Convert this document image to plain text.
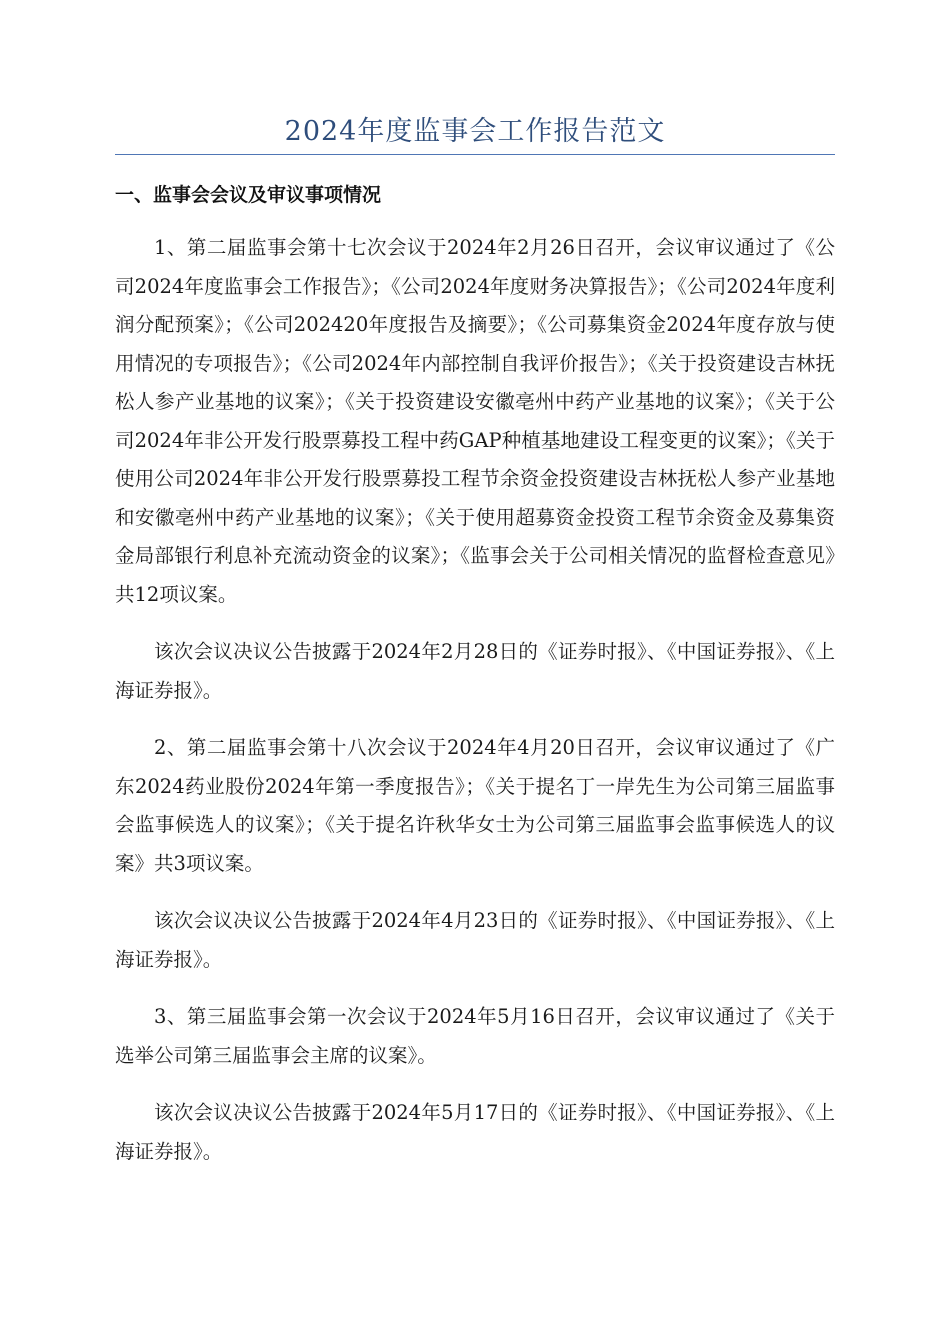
2024年度监事会工作报告范文
一、监事会会议及审议事项情况

1、第二届监事会第十七次会议于2024年2月26日召开，会议审议通过了《公司2024年度监事会工作报告》；《公司2024年度财务决算报告》；《公司2024年度利润分配预案》；《公司202420年度报告及摘要》；《公司募集资金2024年度存放与使用情况的专项报告》；《公司2024年内部控制自我评价报告》；《关于投资建设吉林抚松人参产业基地的议案》；《关于投资建设安徽亳州中药产业基地的议案》；《关于公司2024年非公开发行股票募投工程中药GAP种植基地建设工程变更的议案》；《关于使用公司2024年非公开发行股票募投工程节余资金投资建设吉林抚松人参产业基地和安徽亳州中药产业基地的议案》；《关于使用超募资金投资工程节余资金及募集资金局部银行利息补充流动资金的议案》；《监事会关于公司相关情况的监督检查意见》共12项议案。

该次会议决议公告披露于2024年2月28日的《证券时报》、《中国证券报》、《上海证券报》。

2、第二届监事会第十八次会议于2024年4月20日召开，会议审议通过了《广东2024药业股份2024年第一季度报告》；《关于提名丁一岸先生为公司第三届监事会监事候选人的议案》；《关于提名许秋华女士为公司第三届监事会监事候选人的议案》共3项议案。

该次会议决议公告披露于2024年4月23日的《证券时报》、《中国证券报》、《上海证券报》。

3、第三届监事会第一次会议于2024年5月16日召开，会议审议通过了《关于选举公司第三届监事会主席的议案》。

该次会议决议公告披露于2024年5月17日的《证券时报》、《中国证券报》、《上海证券报》。
